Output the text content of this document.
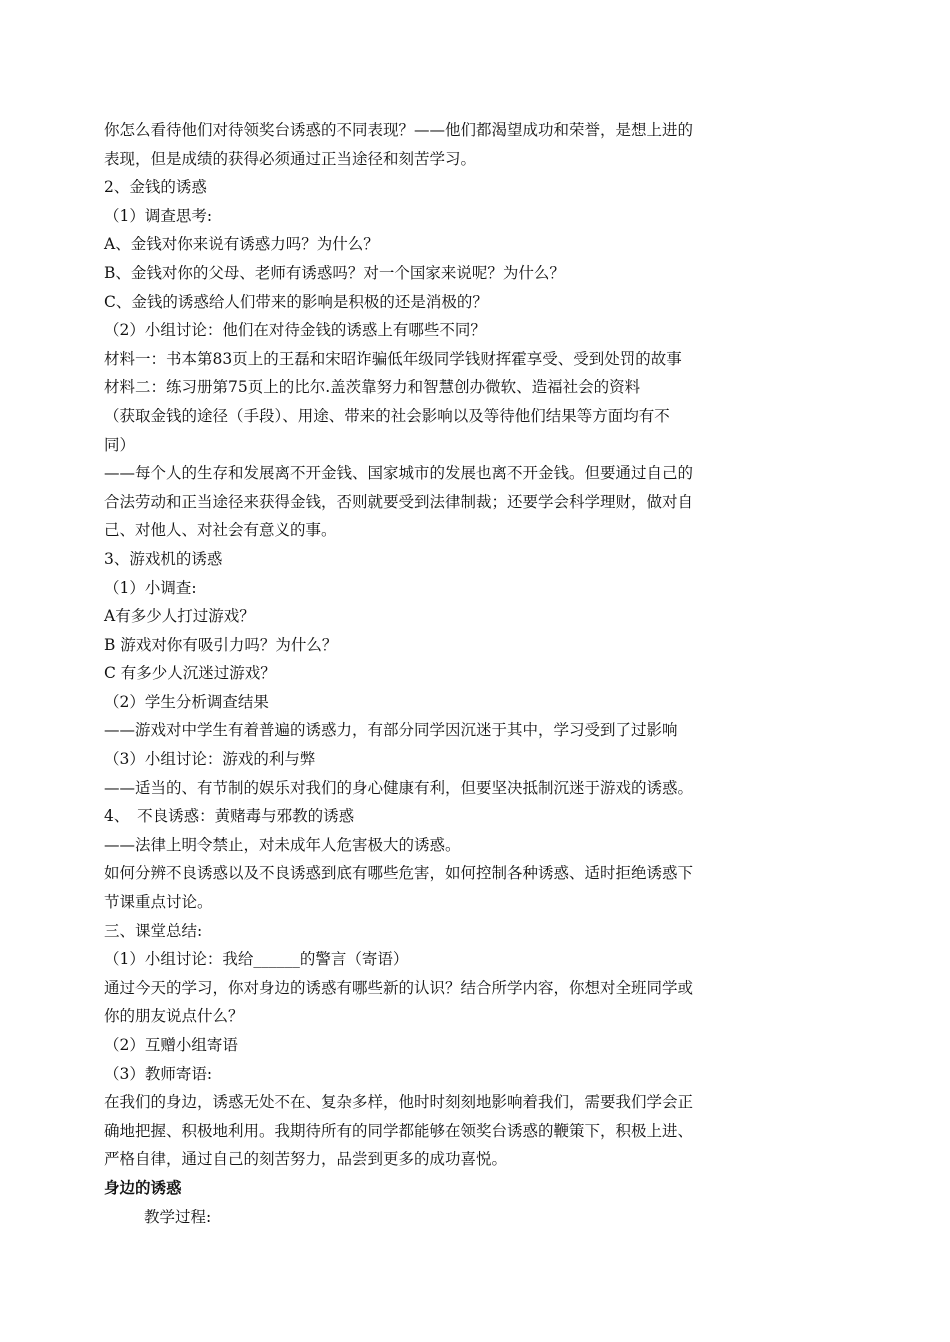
你怎么看待他们对待领奖台诱惑的不同表现？——他们都渴望成功和荣誉，是想上进的
表现，但是成绩的获得必须通过正当途径和刻苦学习。
2、金钱的诱惑
（1）调查思考:
A、金钱对你来说有诱惑力吗？为什么？
B、金钱对你的父母、老师有诱惑吗？对一个国家来说呢？为什么？
C、金钱的诱惑给人们带来的影响是积极的还是消极的？
（2）小组讨论：他们在对待金钱的诱惑上有哪些不同？
材料一：书本第83页上的王磊和宋昭诈骗低年级同学钱财挥霍享受、受到处罚的故事
材料二：练习册第75页上的比尔.盖茨靠努力和智慧创办微软、造福社会的资料
（获取金钱的途径（手段）、用途、带来的社会影响以及等待他们结果等方面均有不
同）
——每个人的生存和发展离不开金钱、国家城市的发展也离不开金钱。但要通过自己的
合法劳动和正当途径来获得金钱，否则就要受到法律制裁；还要学会科学理财，做对自
己、对他人、对社会有意义的事。
3、游戏机的诱惑
（1）小调查:
A有多少人打过游戏？
B 游戏对你有吸引力吗？为什么？
C 有多少人沉迷过游戏？
（2）学生分析调查结果
——游戏对中学生有着普遍的诱惑力，有部分同学因沉迷于其中，学习受到了过影响
（3）小组讨论：游戏的利与弊
——适当的、有节制的娱乐对我们的身心健康有利，但要坚决抵制沉迷于游戏的诱惑。
4、　不良诱惑：黄赌毒与邪教的诱惑
——法律上明令禁止，对未成年人危害极大的诱惑。
如何分辨不良诱惑以及不良诱惑到底有哪些危害，如何控制各种诱惑、适时拒绝诱惑下
节课重点讨论。
三、课堂总结:
（1）小组讨论：我给______的警言（寄语）
通过今天的学习，你对身边的诱惑有哪些新的认识？结合所学内容，你想对全班同学或
你的朋友说点什么？
（2）互赠小组寄语
（3）教师寄语:
在我们的身边，诱惑无处不在、复杂多样，他时时刻刻地影响着我们，需要我们学会正
确地把握、积极地利用。我期待所有的同学都能够在领奖台诱惑的鞭策下，积极上进、
严格自律，通过自己的刻苦努力，品尝到更多的成功喜悦。
身边的诱惑
教学过程:
